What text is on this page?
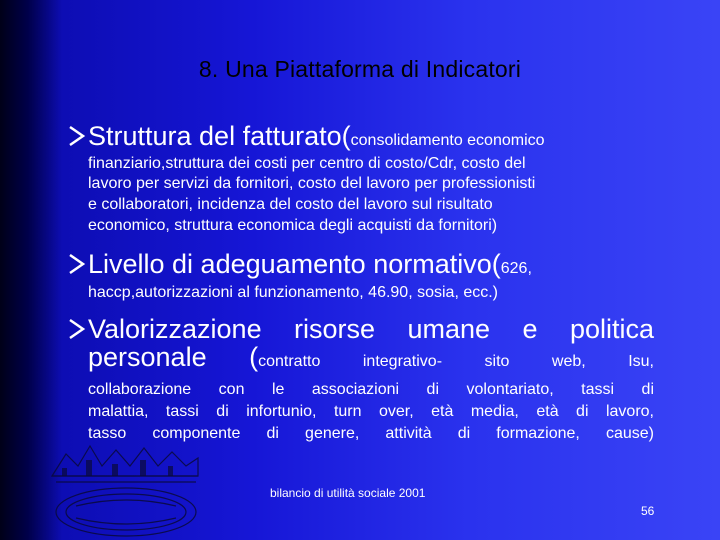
8. Una Piattaforma di Indicatori
Struttura del fatturato(consolidamento economico
finanziario,struttura dei costi per centro di costo/Cdr, costo del
lavoro per servizi da fornitori, costo del lavoro per professionisti
e collaboratori, incidenza del costo del lavoro sul risultato
economico, struttura economica degli acquisti da fornitori)
Livello di adeguamento normativo(626,
haccp,autorizzazioni al funzionamento, 46.90, sosia, ecc.)
Valorizzazione risorse umane e politica
personale (contratto integrativo- sito web, Isu,
collaborazione con le associazioni di volontariato, tassi di
malattia, tassi di infortunio, turn over, età media, età di lavoro,
tasso componente di genere, attività di formazione, cause)
bilancio di utilità sociale 2001
56
